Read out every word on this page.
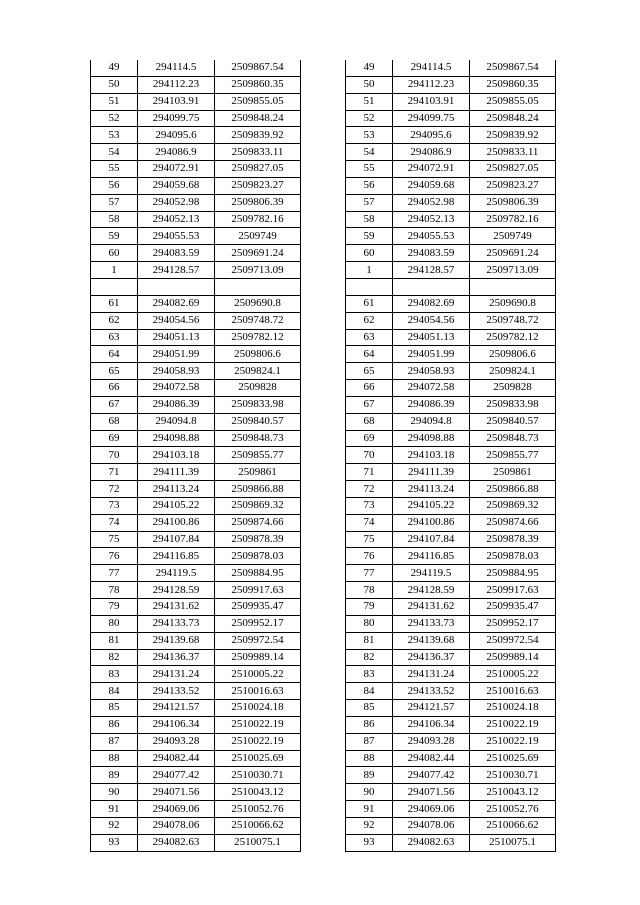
49	294114.5	2509867.54
50	294112.23	2509860.35
51	294103.91	2509855.05
52	294099.75	2509848.24
53	294095.6	2509839.92
54	294086.9	2509833.11
55	294072.91	2509827.05
56	294059.68	2509823.27
57	294052.98	2509806.39
58	294052.13	2509782.16
59	294055.53	2509749
60	294083.59	2509691.24
1	294128.57	2509713.09

61	294082.69	2509690.8
62	294054.56	2509748.72
63	294051.13	2509782.12
64	294051.99	2509806.6
65	294058.93	2509824.1
66	294072.58	2509828
67	294086.39	2509833.98
68	294094.8	2509840.57
69	294098.88	2509848.73
70	294103.18	2509855.77
71	294111.39	2509861
72	294113.24	2509866.88
73	294105.22	2509869.32
74	294100.86	2509874.66
75	294107.84	2509878.39
76	294116.85	2509878.03
77	294119.5	2509884.95
78	294128.59	2509917.63
79	294131.62	2509935.47
80	294133.73	2509952.17
81	294139.68	2509972.54
82	294136.37	2509989.14
83	294131.24	2510005.22
84	294133.52	2510016.63
85	294121.57	2510024.18
86	294106.34	2510022.19
87	294093.28	2510022.19
88	294082.44	2510025.69
89	294077.42	2510030.71
90	294071.56	2510043.12
91	294069.06	2510052.76
92	294078.06	2510066.62
93	294082.63	2510075.1
49	294114.5	2509867.54
50	294112.23	2509860.35
51	294103.91	2509855.05
52	294099.75	2509848.24
53	294095.6	2509839.92
54	294086.9	2509833.11
55	294072.91	2509827.05
56	294059.68	2509823.27
57	294052.98	2509806.39
58	294052.13	2509782.16
59	294055.53	2509749
60	294083.59	2509691.24
1	294128.57	2509713.09

61	294082.69	2509690.8
62	294054.56	2509748.72
63	294051.13	2509782.12
64	294051.99	2509806.6
65	294058.93	2509824.1
66	294072.58	2509828
67	294086.39	2509833.98
68	294094.8	2509840.57
69	294098.88	2509848.73
70	294103.18	2509855.77
71	294111.39	2509861
72	294113.24	2509866.88
73	294105.22	2509869.32
74	294100.86	2509874.66
75	294107.84	2509878.39
76	294116.85	2509878.03
77	294119.5	2509884.95
78	294128.59	2509917.63
79	294131.62	2509935.47
80	294133.73	2509952.17
81	294139.68	2509972.54
82	294136.37	2509989.14
83	294131.24	2510005.22
84	294133.52	2510016.63
85	294121.57	2510024.18
86	294106.34	2510022.19
87	294093.28	2510022.19
88	294082.44	2510025.69
89	294077.42	2510030.71
90	294071.56	2510043.12
91	294069.06	2510052.76
92	294078.06	2510066.62
93	294082.63	2510075.1
